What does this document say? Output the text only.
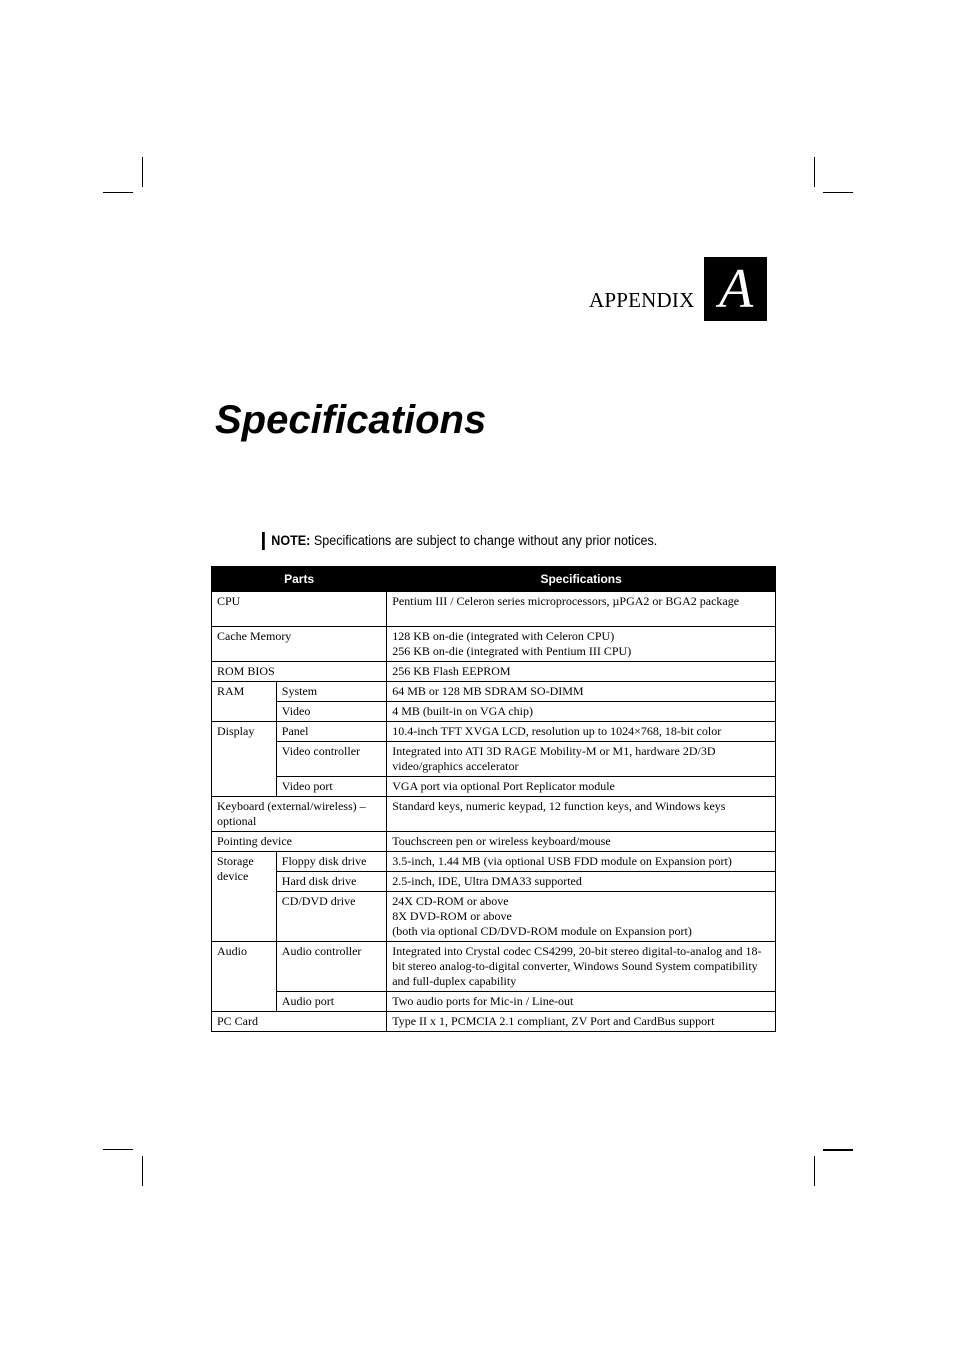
APPENDIX A
Specifications
NOTE: Specifications are subject to change without any prior notices.
Parts		Specifications
CPU		Pentium III / Celeron series microprocessors, µPGA2 or BGA2 package
Cache Memory		128 KB on-die (integrated with Celeron CPU)
256 KB on-die (integrated with Pentium III CPU)

ROM BIOS		256 KB Flash EEPROM
RAM	System	64 MB or 128 MB SDRAM SO-DIMM
	Video	4 MB (built-in on VGA chip)
Display	Panel	10.4-inch TFT XVGA LCD, resolution up to 1024×768, 18-bit color
	Video controller	Integrated into ATI 3D RAGE Mobility-M or M1, hardware 2D/3D video/graphics accelerator
	Video port	VGA port via optional Port Replicator module
Keyboard (external/wireless) – optional		Standard keys, numeric keypad, 12 function keys, and Windows keys
Pointing device		Touchscreen pen or wireless keyboard/mouse
Storage device	Floppy disk drive	3.5-inch, 1.44 MB (via optional USB FDD module on Expansion port)
	Hard disk drive	2.5-inch, IDE, Ultra DMA33 supported
	CD/DVD drive	24X CD-ROM or above
8X DVD-ROM or above
(both via optional CD/DVD-ROM module on Expansion port)

Audio	Audio controller	Integrated into Crystal codec CS4299, 20-bit stereo digital-to-analog and 18-bit stereo analog-to-digital converter, Windows Sound System compatibility and full-duplex capability
	Audio port	Two audio ports for Mic-in / Line-out
PC Card		Type II x 1, PCMCIA 2.1 compliant, ZV Port and CardBus support
